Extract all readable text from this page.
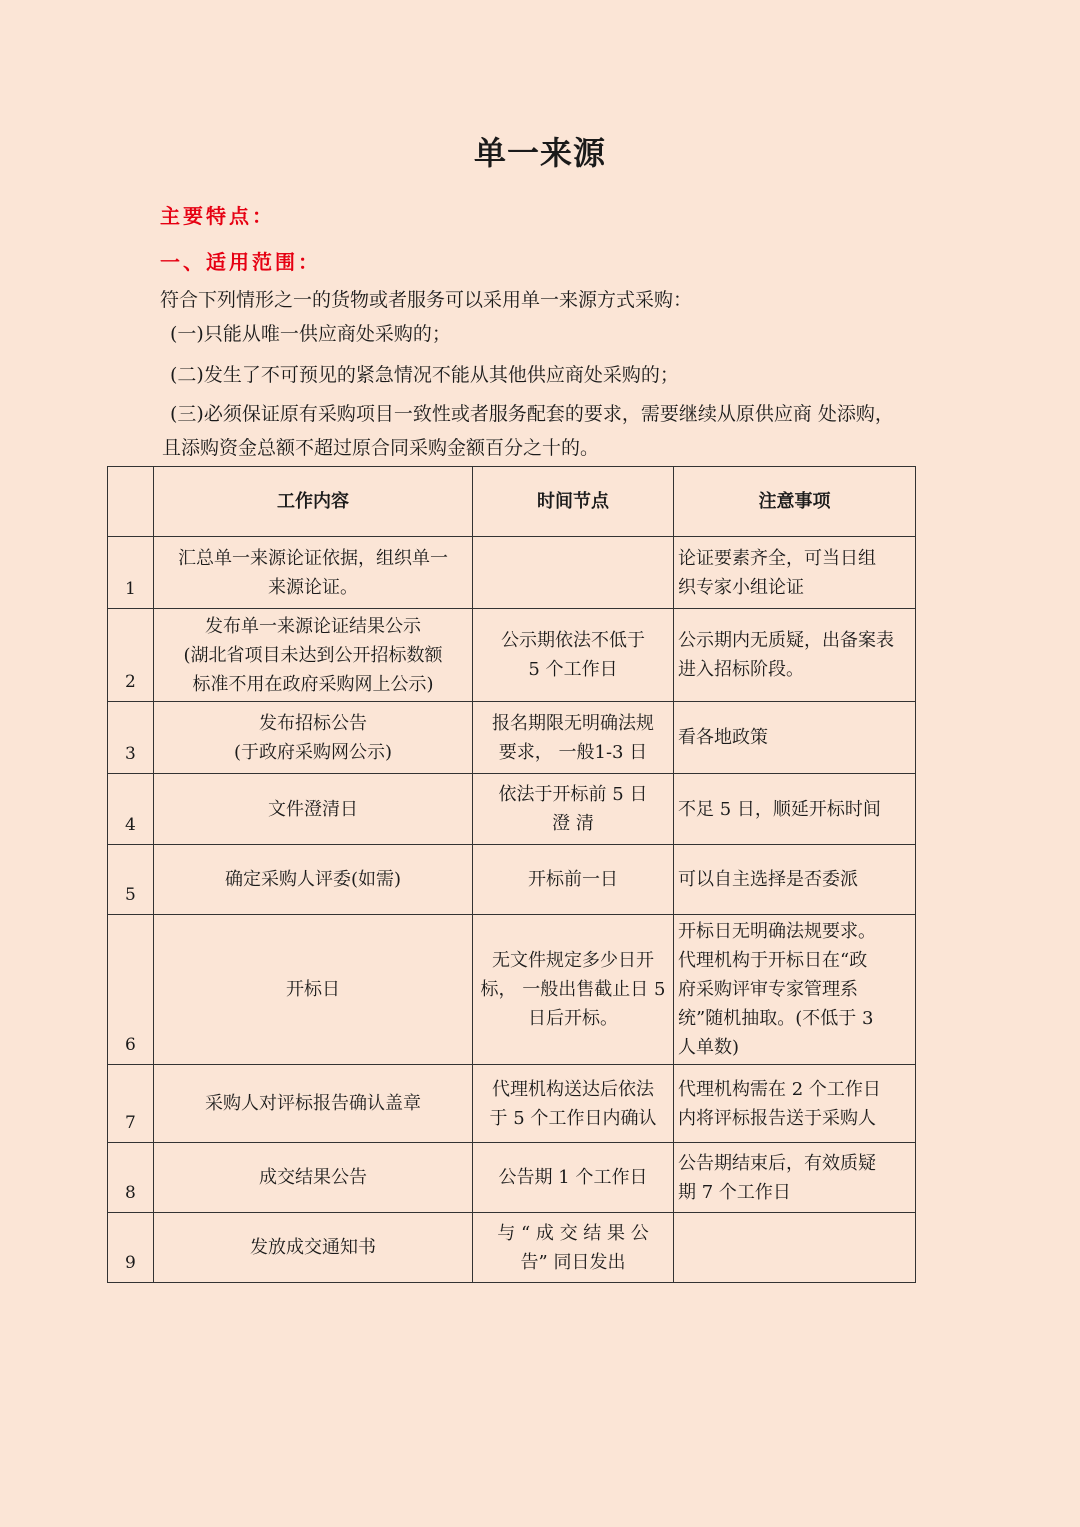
单一来源
主要特点：
一、适用范围：
符合下列情形之一的货物或者服务可以采用单一来源方式采购：
(一)只能从唯一供应商处采购的；
(二)发生了不可预见的紧急情况不能从其他供应商处采购的；
(三)必须保证原有采购项目一致性或者服务配套的要求，需要继续从原供应商 处添购，
且添购资金总额不超过原合同采购金额百分之十的。
	工作内容	时间节点	注意事项
1	汇总单一来源论证依据，组织单一
来源论证。		论证要素齐全，可当日组
织专家小组论证

2	发布单一来源论证结果公示
(湖北省项目未达到公开招标数额
标准不用在政府采购网上公示)	公示期依法不低于
5 个工作日	公示期内无质疑，出备案表
进入招标阶段。

3	发布招标公告
(于政府采购网公示)	报名期限无明确法规
要求， 一般1-3 日	看各地政策

4	文件澄清日	依法于开标前 5 日
澄 清	不足 5 日，顺延开标时间

5	确定采购人评委(如需)	开标前一日	可以自主选择是否委派

6	开标日	无文件规定多少日开
标， 一般出售截止日 5
日后开标。	开标日无明确法规要求。
代理机构于开标日在“政
府采购评审专家管理系
统”随机抽取。(不低于 3
人单数)

7	采购人对评标报告确认盖章	代理机构送达后依法
于 5 个工作日内确认	代理机构需在 2 个工作日
内将评标报告送于采购人

8	成交结果公告	公告期 1 个工作日	公告期结束后，有效质疑
期 7 个工作日

9	发放成交通知书	与 “ 成 交 结 果 公
告” 同日发出	
